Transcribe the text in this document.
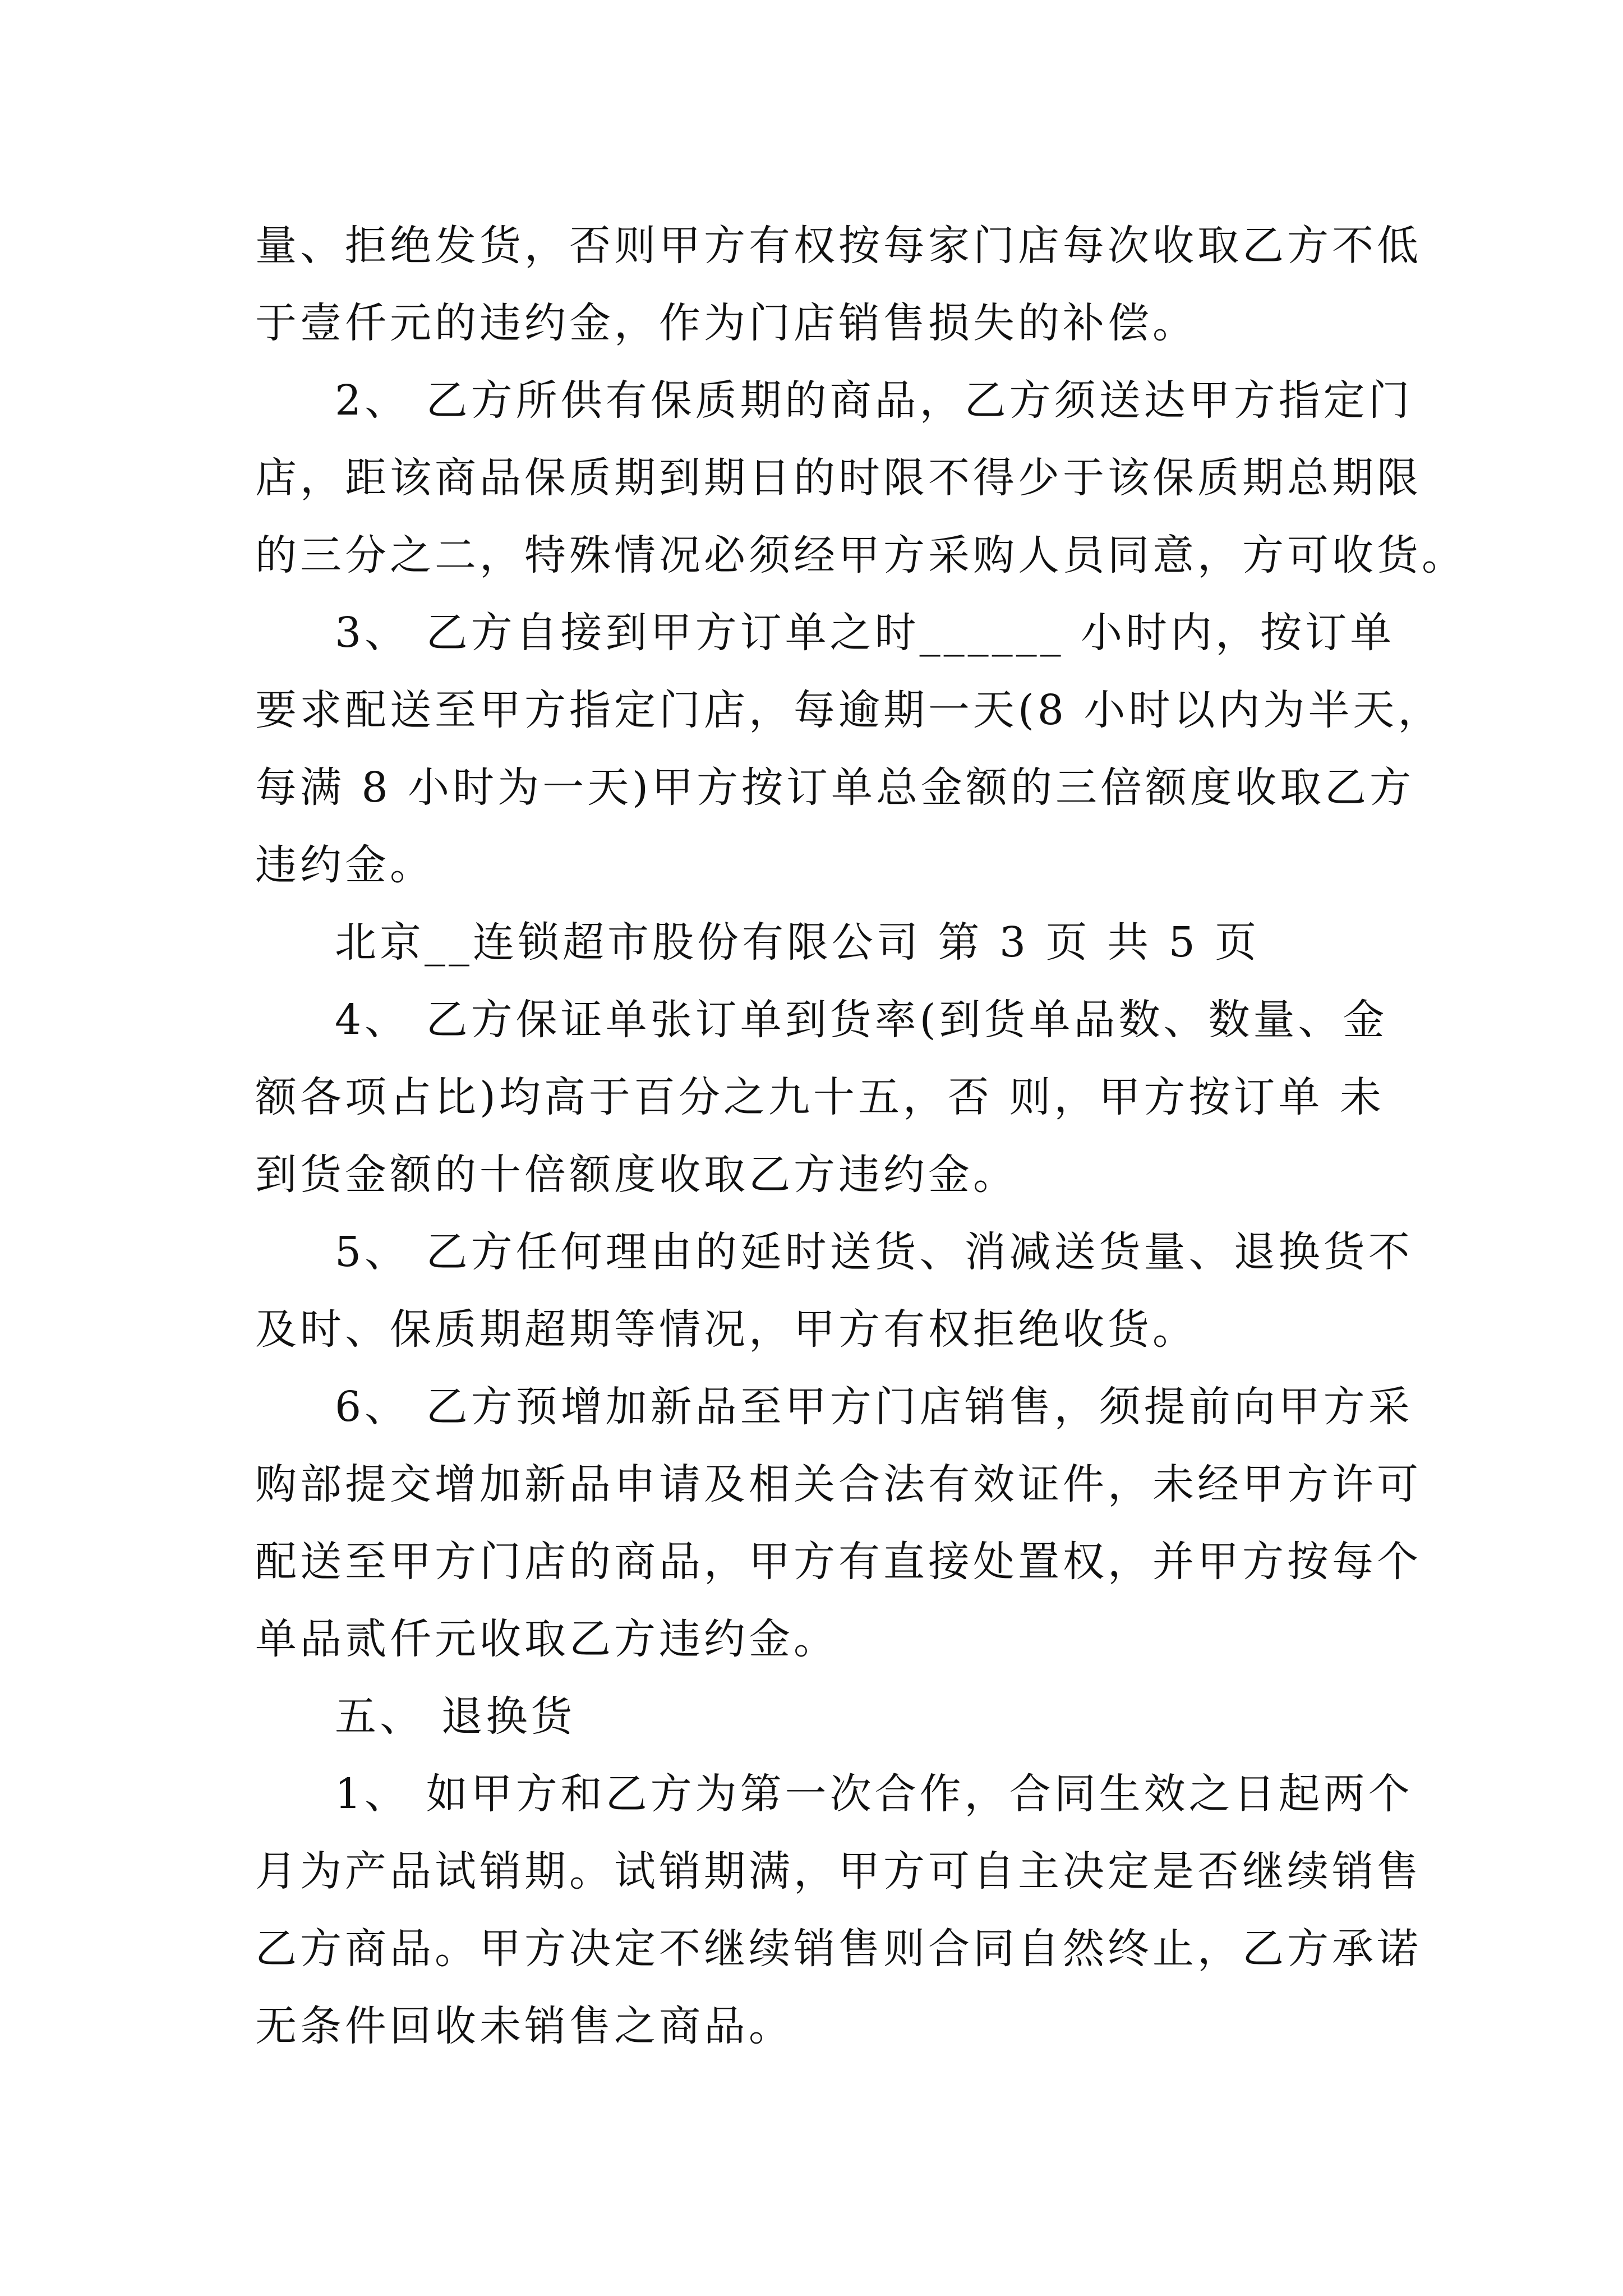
量、拒绝发货，否则甲方有权按每家门店每次收取乙方不低
于壹仟元的违约金，作为门店销售损失的补偿。
2、 乙方所供有保质期的商品，乙方须送达甲方指定门
店，距该商品保质期到期日的时限不得少于该保质期总期限
的三分之二，特殊情况必须经甲方采购人员同意，方可收货。
3、 乙方自接到甲方订单之时______ 小时内，按订单
要求配送至甲方指定门店，每逾期一天(8 小时以内为半天，
每满 8 小时为一天)甲方按订单总金额的三倍额度收取乙方
违约金。
北京__连锁超市股份有限公司 第 3 页 共 5 页
4、 乙方保证单张订单到货率(到货单品数、数量、金
额各项占比)均高于百分之九十五，否 则，甲方按订单 未
到货金额的十倍额度收取乙方违约金。
5、 乙方任何理由的延时送货、消减送货量、退换货不
及时、保质期超期等情况，甲方有权拒绝收货。
6、 乙方预增加新品至甲方门店销售，须提前向甲方采
购部提交增加新品申请及相关合法有效证件，未经甲方许可
配送至甲方门店的商品，甲方有直接处置权，并甲方按每个
单品贰仟元收取乙方违约金。
五、 退换货
1、 如甲方和乙方为第一次合作，合同生效之日起两个
月为产品试销期。试销期满，甲方可自主决定是否继续销售
乙方商品。甲方决定不继续销售则合同自然终止，乙方承诺
无条件回收未销售之商品。
